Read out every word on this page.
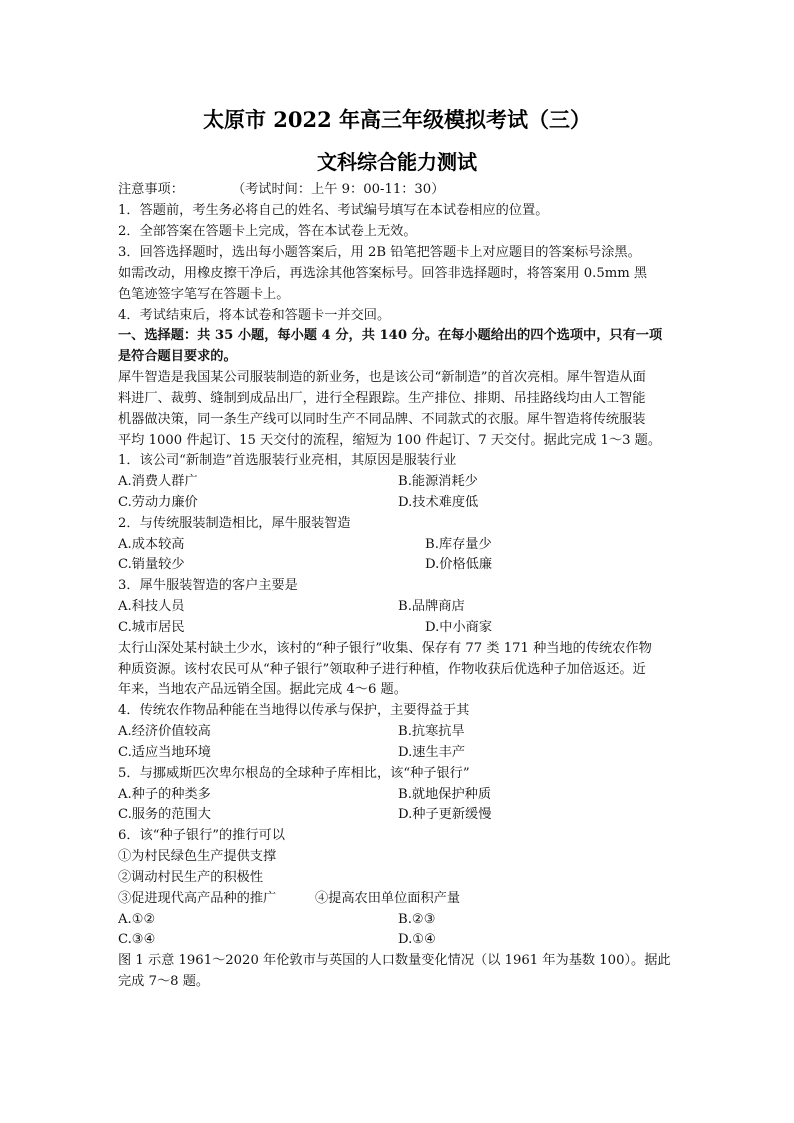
太原市 2022 年高三年级模拟考试（三）
文科综合能力测试
注意事项：	（考试时间：上午 9：00-11：30）
1．答题前，考生务必将自己的姓名、考试编号填写在本试卷相应的位置。
2．全部答案在答题卡上完成，答在本试卷上无效。
3．回答选择题时，选出每小题答案后，用 2B 铅笔把答题卡上对应题目的答案标号涂黑。
如需改动，用橡皮擦干净后，再选涂其他答案标号。回答非选择题时，将答案用 0.5mm 黑
色笔迹签字笔写在答题卡上。
4．考试结束后，将本试卷和答题卡一并交回。
一、选择题：共 35 小题，每小题 4 分，共 140 分。在每小题给出的四个选项中，只有一项
是符合题目要求的。
犀牛智造是我国某公司服装制造的新业务，也是该公司“新制造”的首次亮相。犀牛智造从面
料进厂、裁剪、缝制到成品出厂，进行全程跟踪。生产排位、排期、吊挂路线均由人工智能
机器做决策，同一条生产线可以同时生产不同品牌、不同款式的衣服。犀牛智造将传统服装
平均 1000 件起订、15 天交付的流程，缩短为 100 件起订、7 天交付。据此完成 1～3 题。
1．该公司“新制造”首选服装行业亮相，其原因是服装行业
A.消费人群广	B.能源消耗少
C.劳动力廉价	D.技术难度低
2．与传统服装制造相比，犀牛服装智造
A.成本较高	B.库存量少
C.销量较少	D.价格低廉
3．犀牛服装智造的客户主要是
A.科技人员	B.品牌商店
C.城市居民	D.中小商家
太行山深处某村缺土少水，该村的“种子银行”收集、保存有 77 类 171 种当地的传统农作物
种质资源。该村农民可从“种子银行”领取种子进行种植，作物收获后优选种子加倍返还。近
年来，当地农产品远销全国。据此完成 4～6 题。
4．传统农作物品种能在当地得以传承与保护，主要得益于其
A.经济价值较高	B.抗寒抗旱
C.适应当地环境	D.速生丰产
5．与挪威斯匹次卑尔根岛的全球种子库相比，该“种子银行”
A.种子的种类多	B.就地保护种质
C.服务的范围大	D.种子更新缓慢
6．该“种子银行”的推行可以
①为村民绿色生产提供支撑
②调动村民生产的积极性
③促进现代高产品种的推广	④提高农田单位面积产量
A.①②	B.②③
C.③④	D.①④
图 1 示意 1961～2020 年伦敦市与英国的人口数量变化情况（以 1961 年为基数 100）。据此
完成 7～8 题。
